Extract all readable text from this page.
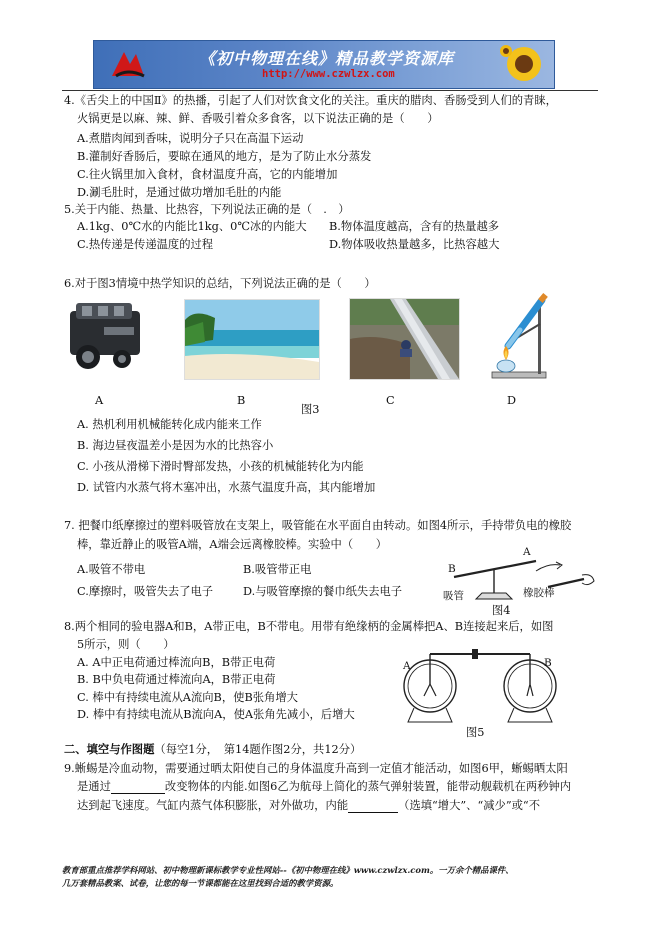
《初中物理在线》精品教学资源库
http://www.czwlzx.com
4.《舌尖上的中国Ⅱ》的热播，引起了人们对饮食文化的关注。重庆的腊肉、香肠受到人们的青睐，
火锅更是以麻、辣、鲜、香吸引着众多食客，以下说法正确的是（　　）
A.煮腊肉闻到香味，说明分子只在高温下运动
B.灌制好香肠后，要晾在通风的地方，是为了防止水分蒸发
C.往火锅里加入食材，食材温度升高，它的内能增加
D.涮毛肚时，是通过做功增加毛肚的内能
5.关于内能、热量、比热容，下列说法正确的是（　.　）
A.1kg、0℃水的内能比1kg、0℃冰的内能大 B.物体温度越高，含有的热量越多
C.热传递是传递温度的过程	D.物体吸收热量越多，比热容越大
6.对于图3情境中热学知识的总结，下列说法正确的是（　　）
A	B
图3
C	D
A. 热机利用机械能转化成内能来工作
B. 海边昼夜温差小是因为水的比热容小
C. 小孩从滑梯下滑时臀部发热，小孩的机械能转化为内能
D. 试管内水蒸气将木塞冲出，水蒸气温度升高，其内能增加
7. 把餐巾纸摩擦过的塑料吸管放在支架上，吸管能在水平面自由转动。如图4所示，手持带负电的橡胶
棒，靠近静止的吸管A端，A端会远离橡胶棒。实验中（　　）
A.吸管不带电	B.吸管带正电
C.摩擦时，吸管失去了电子	D.与吸管摩擦的餐巾纸失去电子
A
B
吸管	橡胶棒
图4
8.两个相同的验电器A和B，A带正电，B不带电。用带有绝缘柄的金属棒把A、B连接起来后，如图
5所示，则（　　）
A. A中正电荷通过棒流向B，B带正电荷
B. B中负电荷通过棒流向A，B带正电荷
C. 棒中有持续电流从A流向B，使B张角增大
D. 棒中有持续电流从B流向A，使A张角先减小，后增大
A	B
图5
二、填空与作图题（每空1分，　第14题作图2分，共12分）
9.蜥蜴是冷血动物，需要通过晒太阳使自己的身体温度升高到一定值才能活动，如图6甲，蜥蜴晒太阳
是通过	改变物体的内能.如图6乙为航母上简化的蒸气弹射装置，能带动舰载机在两秒钟内
达到起飞速度。气缸内蒸气体积膨胀，对外做功，内能	（选填“增大”、“减少”或“不
教育部重点推荐学科网站、初中物理新课标教学专业性网站--《初中物理在线》www.czwlzx.com。一万余个精品课件、
几万套精品教案、试卷，让您的每一节课都能在这里找到合适的教学资源。
